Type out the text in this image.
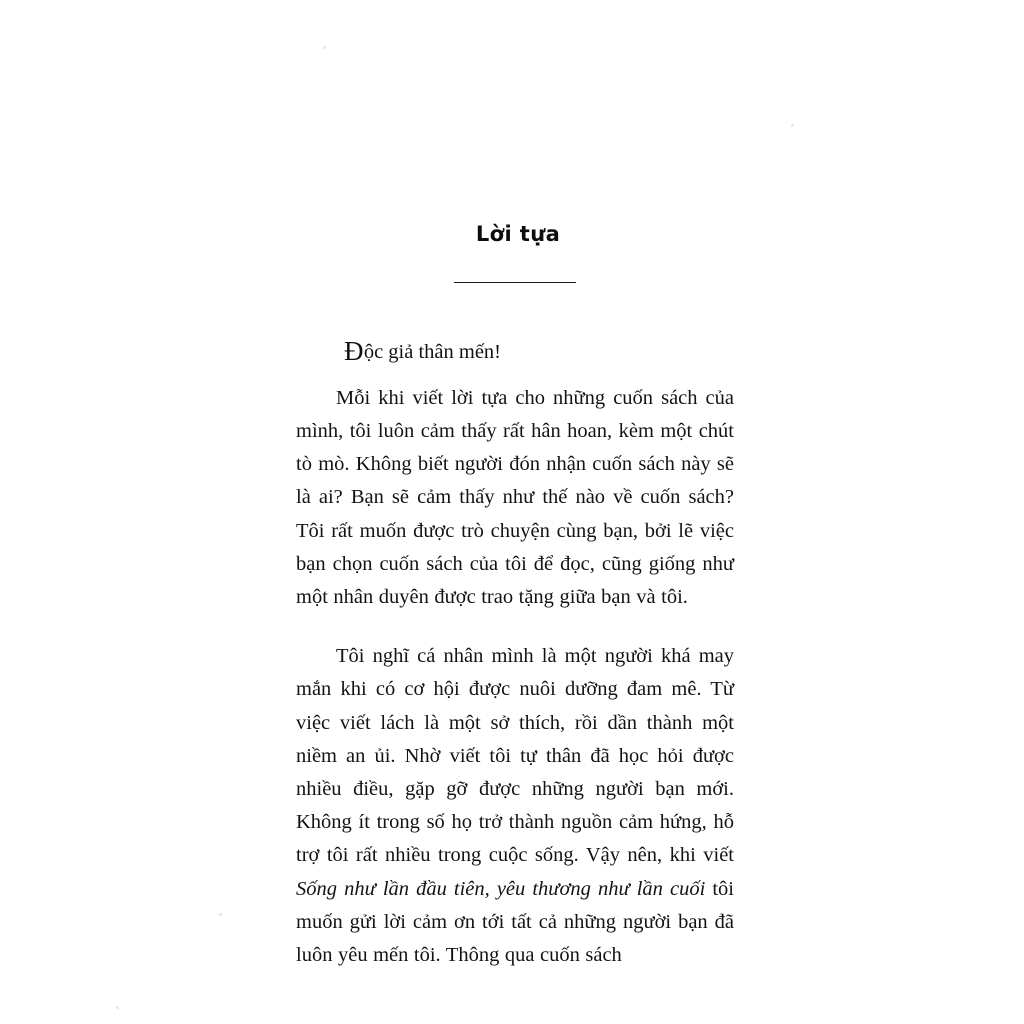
Lời tựa

Độc giả thân mến!

Mỗi khi viết lời tựa cho những cuốn sách của mình, tôi luôn cảm thấy rất hân hoan, kèm một chút tò mò. Không biết người đón nhận cuốn sách này sẽ là ai? Bạn sẽ cảm thấy như thế nào về cuốn sách? Tôi rất muốn được trò chuyện cùng bạn, bởi lẽ việc bạn chọn cuốn sách của tôi để đọc, cũng giống như một nhân duyên được trao tặng giữa bạn và tôi.

Tôi nghĩ cá nhân mình là một người khá may mắn khi có cơ hội được nuôi dưỡng đam mê. Từ việc viết lách là một sở thích, rồi dần thành một niềm an ủi. Nhờ viết tôi tự thân đã học hỏi được nhiều điều, gặp gỡ được những người bạn mới. Không ít trong số họ trở thành nguồn cảm hứng, hỗ trợ tôi rất nhiều trong cuộc sống. Vậy nên, khi viết Sống như lần đầu tiên, yêu thương như lần cuối tôi muốn gửi lời cảm ơn tới tất cả những người bạn đã luôn yêu mến tôi. Thông qua cuốn sách
